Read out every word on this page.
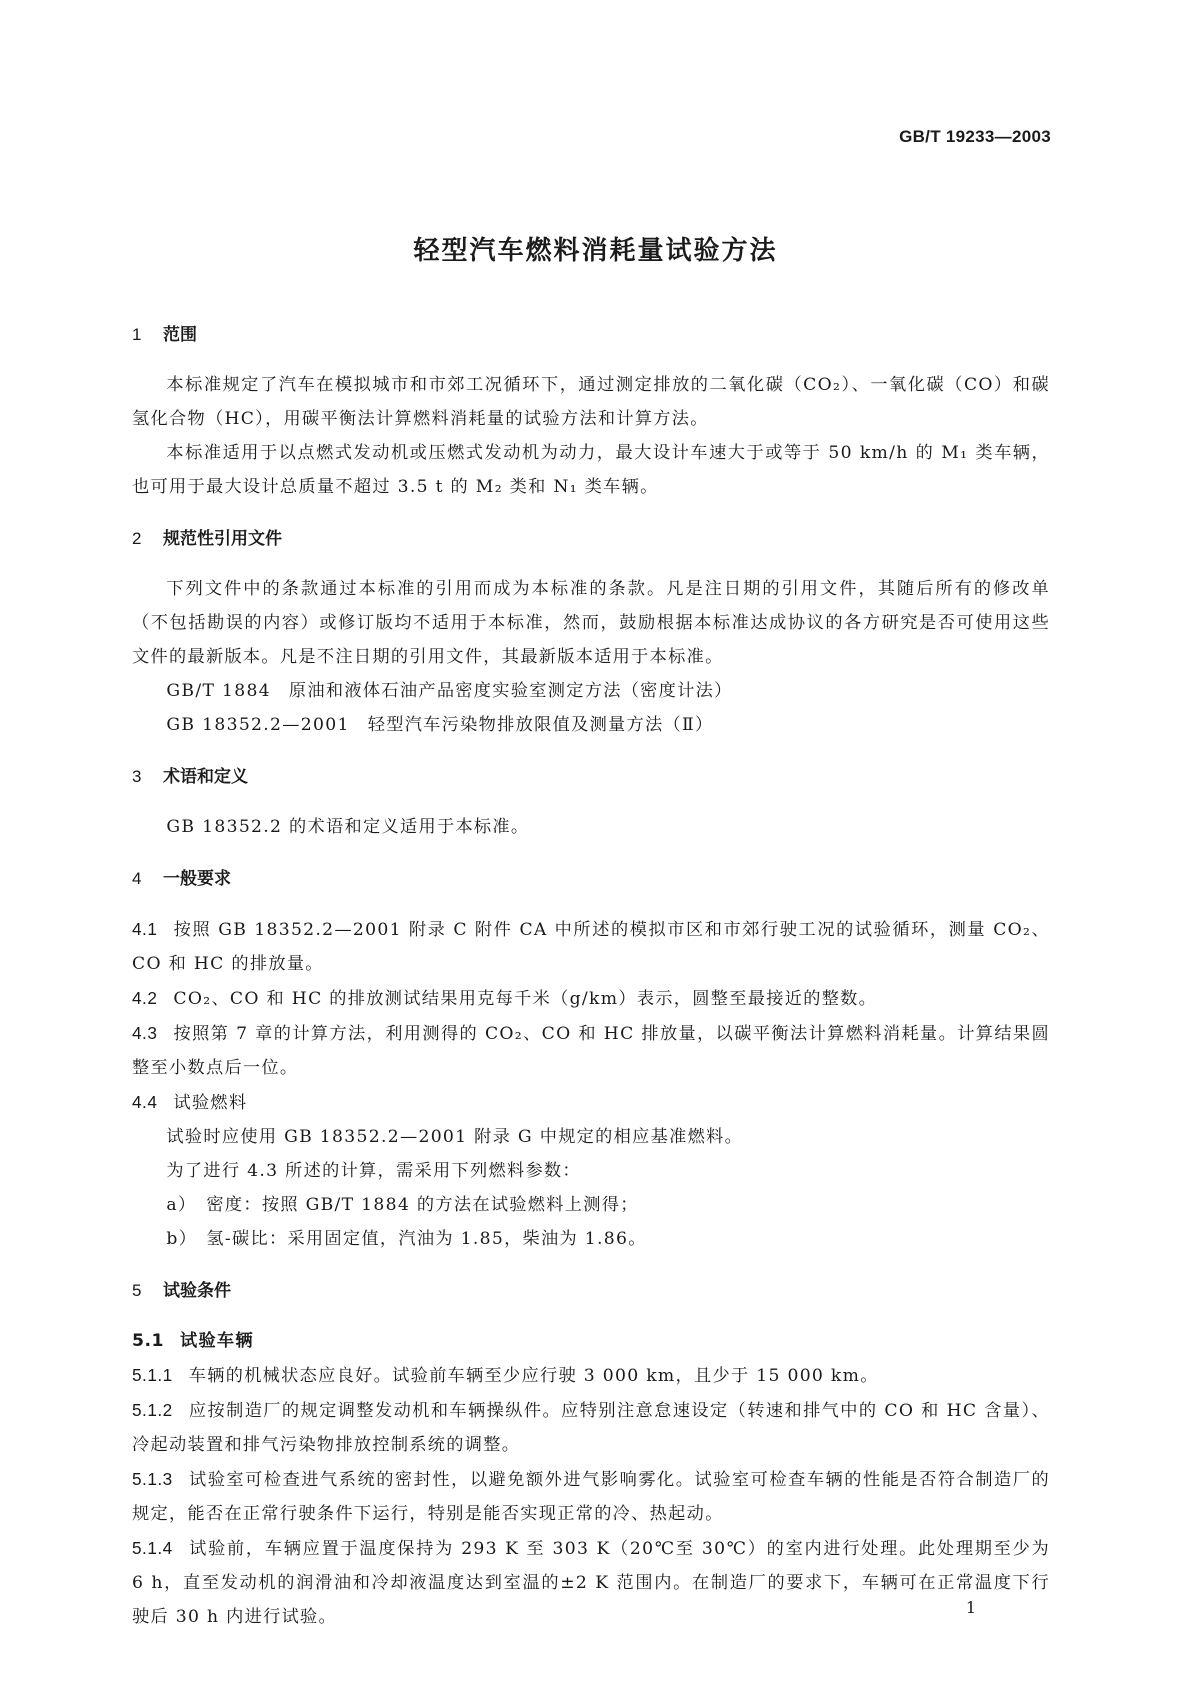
GB/T 19233—2003
轻型汽车燃料消耗量试验方法

1 范围

本标准规定了汽车在模拟城市和市郊工况循环下，通过测定排放的二氧化碳（CO₂）、一氧化碳（CO）和碳氢化合物（HC），用碳平衡法计算燃料消耗量的试验方法和计算方法。

本标准适用于以点燃式发动机或压燃式发动机为动力，最大设计车速大于或等于 50 km/h 的 M₁ 类车辆，也可用于最大设计总质量不超过 3.5 t 的 M₂ 类和 N₁ 类车辆。

2 规范性引用文件

下列文件中的条款通过本标准的引用而成为本标准的条款。凡是注日期的引用文件，其随后所有的修改单（不包括勘误的内容）或修订版均不适用于本标准，然而，鼓励根据本标准达成协议的各方研究是否可使用这些文件的最新版本。凡是不注日期的引用文件，其最新版本适用于本标准。

GB/T 1884 原油和液体石油产品密度实验室测定方法（密度计法）

GB 18352.2—2001 轻型汽车污染物排放限值及测量方法（Ⅱ）

3 术语和定义

GB 18352.2 的术语和定义适用于本标准。

4 一般要求

4.1 按照 GB 18352.2—2001 附录 C 附件 CA 中所述的模拟市区和市郊行驶工况的试验循环，测量 CO₂、CO 和 HC 的排放量。

4.2 CO₂、CO 和 HC 的排放测试结果用克每千米（g/km）表示，圆整至最接近的整数。

4.3 按照第 7 章的计算方法，利用测得的 CO₂、CO 和 HC 排放量，以碳平衡法计算燃料消耗量。计算结果圆整至小数点后一位。

4.4 试验燃料

试验时应使用 GB 18352.2—2001 附录 G 中规定的相应基准燃料。

为了进行 4.3 所述的计算，需采用下列燃料参数：

a） 密度：按照 GB/T 1884 的方法在试验燃料上测得；

b） 氢-碳比：采用固定值，汽油为 1.85，柴油为 1.86。

5 试验条件

5.1 试验车辆

5.1.1 车辆的机械状态应良好。试验前车辆至少应行驶 3 000 km，且少于 15 000 km。

5.1.2 应按制造厂的规定调整发动机和车辆操纵件。应特别注意怠速设定（转速和排气中的 CO 和 HC 含量）、冷起动装置和排气污染物排放控制系统的调整。

5.1.3 试验室可检查进气系统的密封性，以避免额外进气影响雾化。试验室可检查车辆的性能是否符合制造厂的规定，能否在正常行驶条件下运行，特别是能否实现正常的冷、热起动。

5.1.4 试验前，车辆应置于温度保持为 293 K 至 303 K（20℃至 30℃）的室内进行处理。此处理期至少为 6 h，直至发动机的润滑油和冷却液温度达到室温的±2 K 范围内。在制造厂的要求下，车辆可在正常温度下行驶后 30 h 内进行试验。	1
